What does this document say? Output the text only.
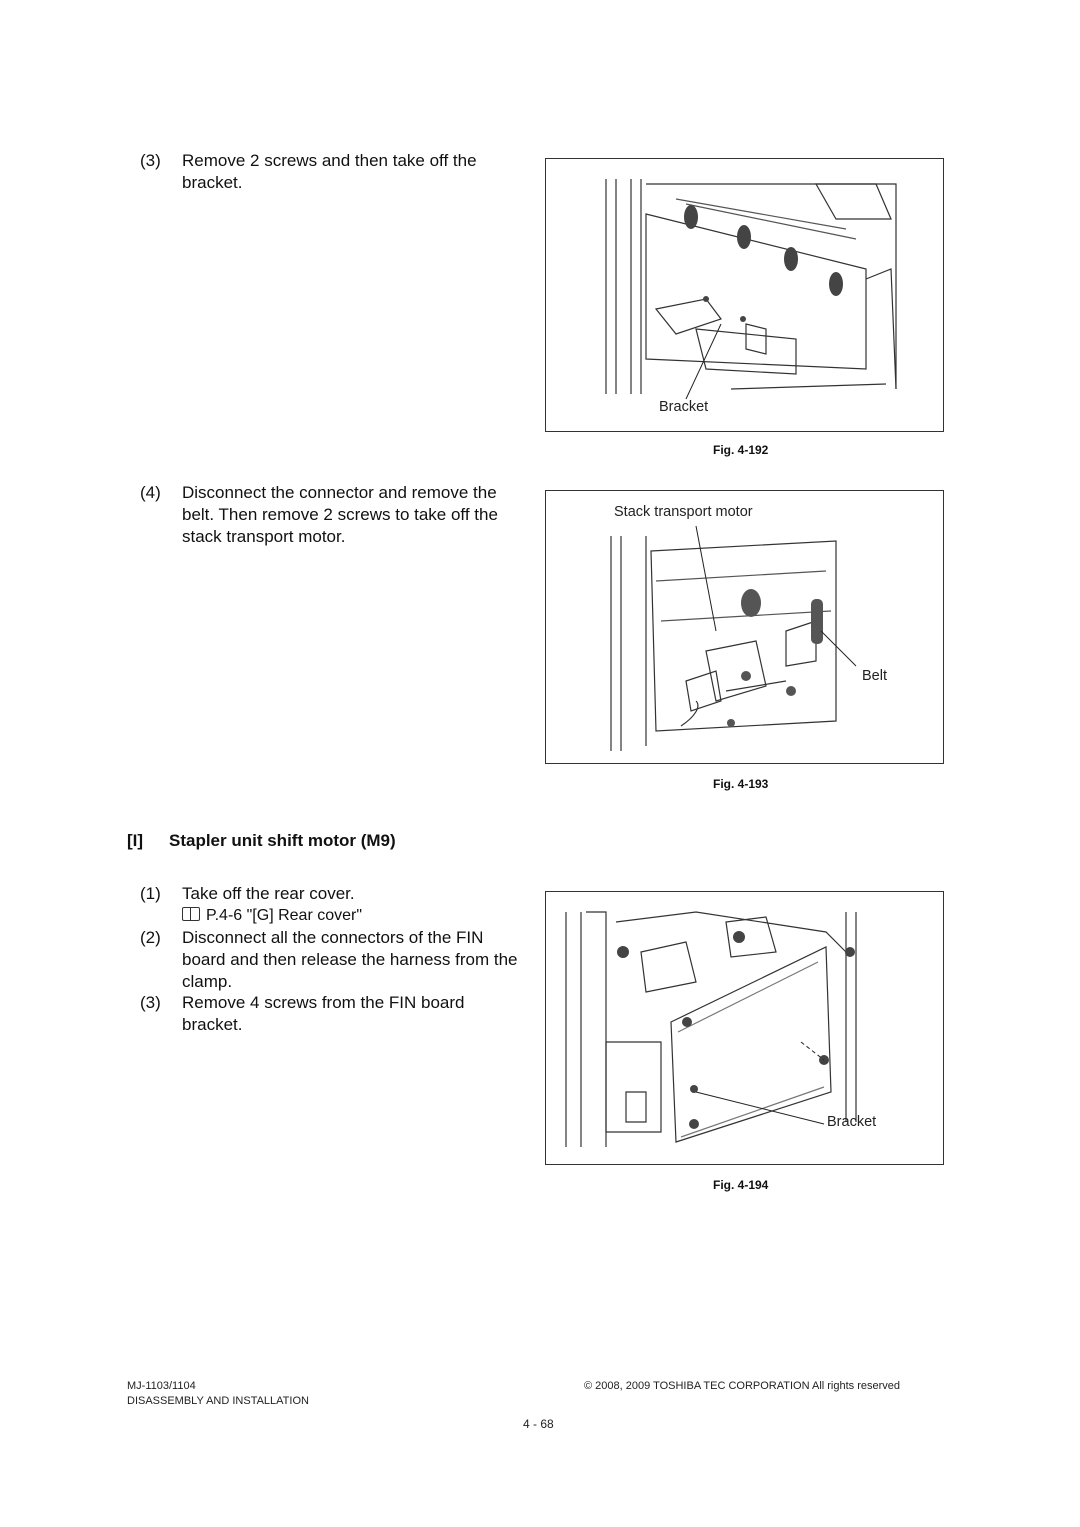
(3) Remove 2 screws and then take off the
bracket.
Bracket
Fig. 4-192
(4) Disconnect the connector and remove the
belt. Then remove 2 screws to take off the
stack transport motor.
Stack transport motor
Belt
Fig. 4-193
[I] Stapler unit shift motor (M9)
(1) Take off the rear cover.
P.4-6 "[G] Rear cover"
(2) Disconnect all the connectors of the FIN
board and then release the harness from the
clamp.
(3) Remove 4 screws from the FIN board
bracket.
Bracket
Fig. 4-194
MJ-1103/1104
DISASSEMBLY AND INSTALLATION
© 2008, 2009 TOSHIBA TEC CORPORATION All rights reserved
4 - 68
